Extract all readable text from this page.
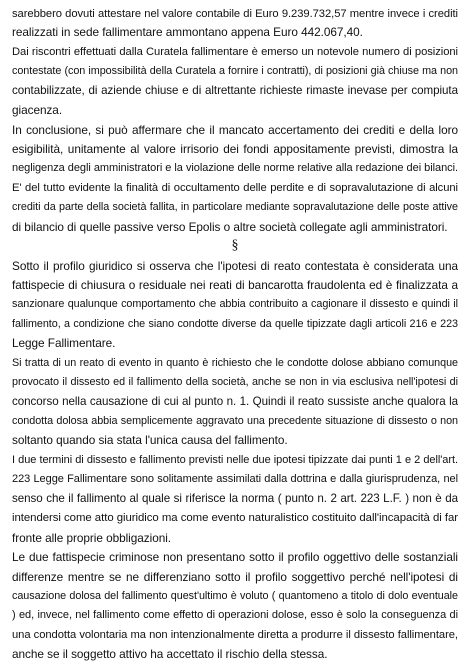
sarebbero dovuti attestare nel valore contabile di Euro 9.239.732,57 mentre invece i crediti
realizzati in sede fallimentare ammontano appena Euro 442.067,40.
Dai riscontri effettuati dalla Curatela fallimentare è emerso un notevole numero di posizioni
contestate (con impossibilità della Curatela a fornire i contratti), di posizioni già chiuse ma non
contabilizzate, di aziende chiuse e di altrettante richieste rimaste inevase per compiuta
giacenza.
In conclusione, si può affermare che il mancato accertamento dei crediti e della loro
esigibilità, unitamente al valore irrisorio dei fondi appositamente previsti, dimostra la
negligenza degli amministratori e la violazione delle norme relative alla redazione dei bilanci.
E' del tutto evidente la finalità di occultamento delle perdite e di sopravalutazione di alcuni
crediti da parte della società fallita, in particolare mediante sopravalutazione delle poste attive
di bilancio di quelle passive verso Epolis o altre società collegate agli amministratori.
§
Sotto il profilo giuridico si osserva che l'ipotesi di reato contestata è considerata una
fattispecie di chiusura o residuale nei reati di bancarotta fraudolenta ed è finalizzata a
sanzionare qualunque comportamento che abbia contribuito a cagionare il dissesto e quindi il
fallimento, a condizione che siano condotte diverse da quelle tipizzate dagli articoli 216 e 223
Legge Fallimentare.
Si tratta di un reato di evento in quanto è richiesto che le condotte dolose abbiano comunque
provocato il dissesto ed il fallimento della società, anche se non in via esclusiva nell'ipotesi di
concorso nella causazione di cui al punto n. 1. Quindi il reato sussiste anche qualora la
condotta dolosa abbia semplicemente aggravato una precedente situazione di dissesto o non
soltanto quando sia stata l'unica causa del fallimento.
I due termini di dissesto e fallimento previsti nelle due ipotesi tipizzate dai punti 1 e 2 dell'art.
223 Legge Fallimentare sono solitamente assimilati dalla dottrina e dalla giurisprudenza, nel
senso che il fallimento al quale si riferisce la norma ( punto n. 2 art. 223 L.F. ) non è da
intendersi come atto giuridico ma come evento naturalistico costituito dall'incapacità di far
fronte alle proprie obbligazioni.
Le due fattispecie criminose non presentano sotto il profilo oggettivo delle sostanziali
differenze mentre se ne differenziano sotto il profilo soggettivo perché nell'ipotesi di
causazione dolosa del fallimento quest'ultimo è voluto ( quantomeno a titolo di dolo eventuale
) ed, invece, nel fallimento come effetto di operazioni dolose, esso è solo la conseguenza di
una condotta volontaria ma non intenzionalmente diretta a produrre il dissesto fallimentare,
anche se il soggetto attivo ha accettato il rischio della stessa.
